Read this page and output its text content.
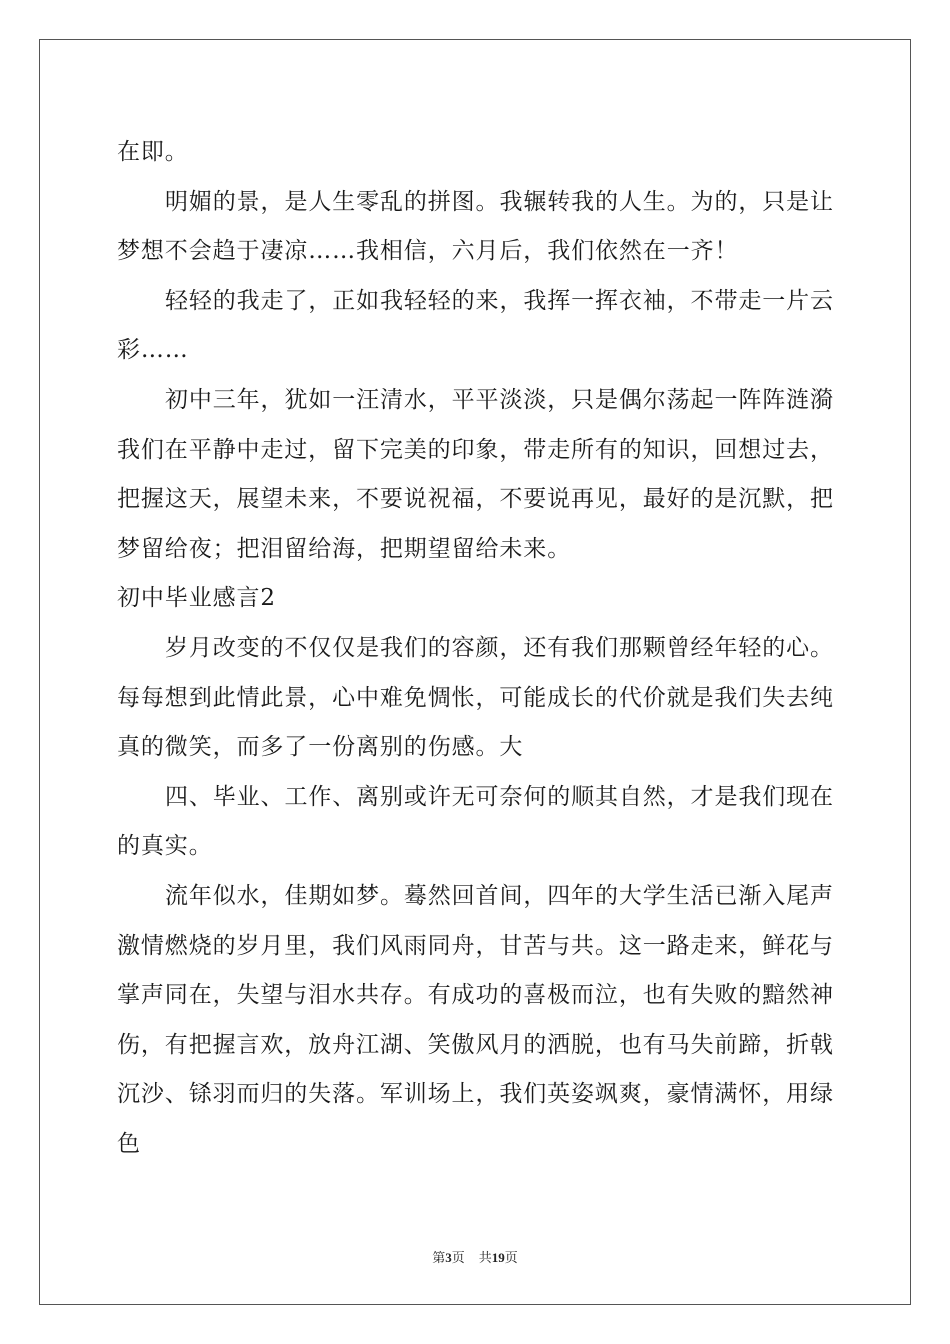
在即。
明媚的景，是人生零乱的拼图。我辗转我的人生。为的，只是让
梦想不会趋于凄凉……我相信，六月后，我们依然在一齐！
轻轻的我走了，正如我轻轻的来，我挥一挥衣袖，不带走一片云
彩……
初中三年，犹如一汪清水，平平淡淡，只是偶尔荡起一阵阵涟漪
我们在平静中走过，留下完美的印象，带走所有的知识，回想过去，
把握这天，展望未来，不要说祝福，不要说再见，最好的是沉默，把
梦留给夜；把泪留给海，把期望留给未来。
初中毕业感言2
岁月改变的不仅仅是我们的容颜，还有我们那颗曾经年轻的心。
每每想到此情此景，心中难免惆怅，可能成长的代价就是我们失去纯
真的微笑，而多了一份离别的伤感。大
四、毕业、工作、离别或许无可奈何的顺其自然，才是我们现在
的真实。
流年似水，佳期如梦。蓦然回首间，四年的大学生活已渐入尾声
激情燃烧的岁月里，我们风雨同舟，甘苦与共。这一路走来，鲜花与
掌声同在，失望与泪水共存。有成功的喜极而泣，也有失败的黯然神
伤，有把握言欢，放舟江湖、笑傲风月的洒脱，也有马失前蹄，折戟
沉沙、铩羽而归的失落。军训场上，我们英姿飒爽，豪情满怀，用绿
色
第3页 共19页
